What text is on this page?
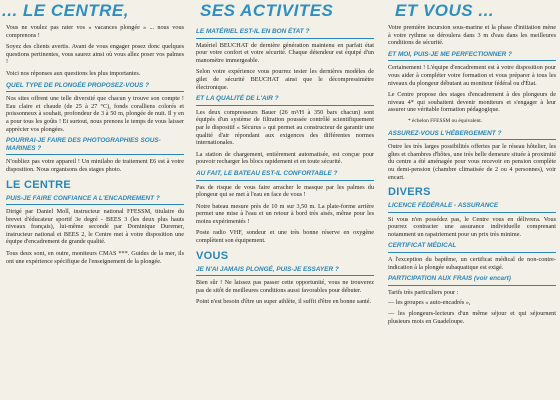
... LE CENTRE,	SES ACTIVITES	ET VOUS ...

Vous ne voulez pas rater vos « vacances plongée » ... nous vous comprenons !

Soyez des clients avertis. Avant de vous engager posez donc quelques questions pertinentes, vous saurez ainsi où vous allez poser vos palmes !

Voici nos réponses aux questions les plus importantes.

QUEL TYPE DE PLONGÉE PROPOSEZ-VOUS ?

Nos sites offrent une telle diversité que chacun y trouve son compte ! Eau claire et chaude (de 25 à 27 °C), fonds coralliens colorés et poissonneux à souhait, profondeur de 3 à 50 m, plongée de nuit. Il y en a pour tous les goûts ! Et surtout, nous prenons le temps de vous laisser apprécier vos plongées.

POURRAI-JE FAIRE DES PHOTOGRAPHIES SOUS-MARINES ?

N'oubliez pas votre appareil ! Un minilabo de traitement E6 est à votre disposition. Nous organisons des stages photo.

LE CENTRE
PUIS-JE FAIRE CONFIANCE A L'ENCADREMENT ?

Dirigé par Daniel Moll, instructeur national FFESSM, titulaire du brevet d'éducateur sportif 3e degré - BEES 3 (les deux plus hauts niveaux français), lui-même secondé par Dominique Duremer, instructeur national et BEES 2, le Centre met à votre disposition une équipe d'encadrement de grande qualité.

Tous deux sont, en outre, moniteurs CMAS ***. Guides de la mer, ils ont une expérience spécifique de l'enseignement de la plongée.

LE MATÉRIEL EST-IL EN BON ÉTAT ?

Matériel BEUCHAT de dernière génération maintenu en parfait état pour votre confort et votre sécurité. Chaque détendeur est équipé d'un manomètre immergeable.

Selon votre expérience vous pourrez tester les dernières modèles de gilet de sécurité BEUCHAT ainsi que le décompressimètre électronique.

ET LA QUALITÉ DE L'AIR ?

Les deux compresseurs Bauer (26 m³/H à 350 bars chacun) sont équipés d'un système de filtration poussée contrôlé scientifiquement par le dispositif « Sécurus » qui permet au constructeur de garantir une qualité d'air répondant aux exigences des différentes normes internationales.

La station de chargement, entièrement automatisée, est conçue pour pouvoir recharger les blocs rapidement et en toute sécurité.

AU FAIT, LE BATEAU EST-IL CONFORTABLE ?

Pas de risque de vous faire arracher le masque par les palmes du plongeur qui se met à l'eau en face de vous !

Notre bateau mesure près de 10 m sur 3,50 m. La plate-forme arrière permet une mise à l'eau et un retour à bord très aisés, même pour les moins expérimentés !

Poste radio VHF, sondeur et une très bonne réserve en oxygène complètent son équipement.

VOUS
JE N'AI JAMAIS PLONGÉ, PUIS-JE ESSAYER ?

Bien sûr ! Ne laissez pas passer cette opportunité, vous ne trouverez pas de sitôt de meilleures conditions aussi favorables pour débuter.

Point n'est besoin d'être un super athlète, il suffit d'être en bonne santé.

Votre première incursion sous-marine et la phase d'initiation mène à votre rythme se déroulera dans 3 m d'eau dans les meilleures conditions de sécurité.

ET MOI, PUIS-JE ME PERFECTIONNER ?

Certainement ! L'équipe d'encadrement est à votre disposition pour vous aider à compléter votre formation et vous préparer à tous les niveaux du plongeur débutant au moniteur fédéral ou d'État.

Le Centre propose des stages d'encadrement à des plongeurs de niveau 4* qui souhaitent devenir moniteurs et s'engager à leur assurer une véritable formation pédagogique.

* échelon FFESSM ou équivalent.

ASSUREZ-VOUS L'HÉBERGEMENT ?

Outre les très larges possibilités offertes par le réseau hôtelier, les gîtes et chambres d'hôtes, une très belle demeure située à proximité du centre a été aménagée pour vous recevoir en pension complète ou demi-pension (chambre climatisée de 2 ou 4 personnes), voir encart.

DIVERS
LICENCE FÉDÉRALE - ASSURANCE

Si vous n'en possédez pas, le Centre vous en délivrera. Vous pourrez contracter une assurance individuelle comprenant notamment un rapatriement pour un prix très minime.

CERTIFICAT MÉDICAL

A l'exception du baptême, un certificat médical de non-contre-indication à la plongée subaquatique est exigé.

PARTICIPATION AUX FRAIS (voir encart)

Tarifs très particuliers pour :

— les groupes « auto-encadrés »,

— les plongeurs-lecteurs d'un même séjour et qui séjournent plusieurs mois en Guadeloupe.
